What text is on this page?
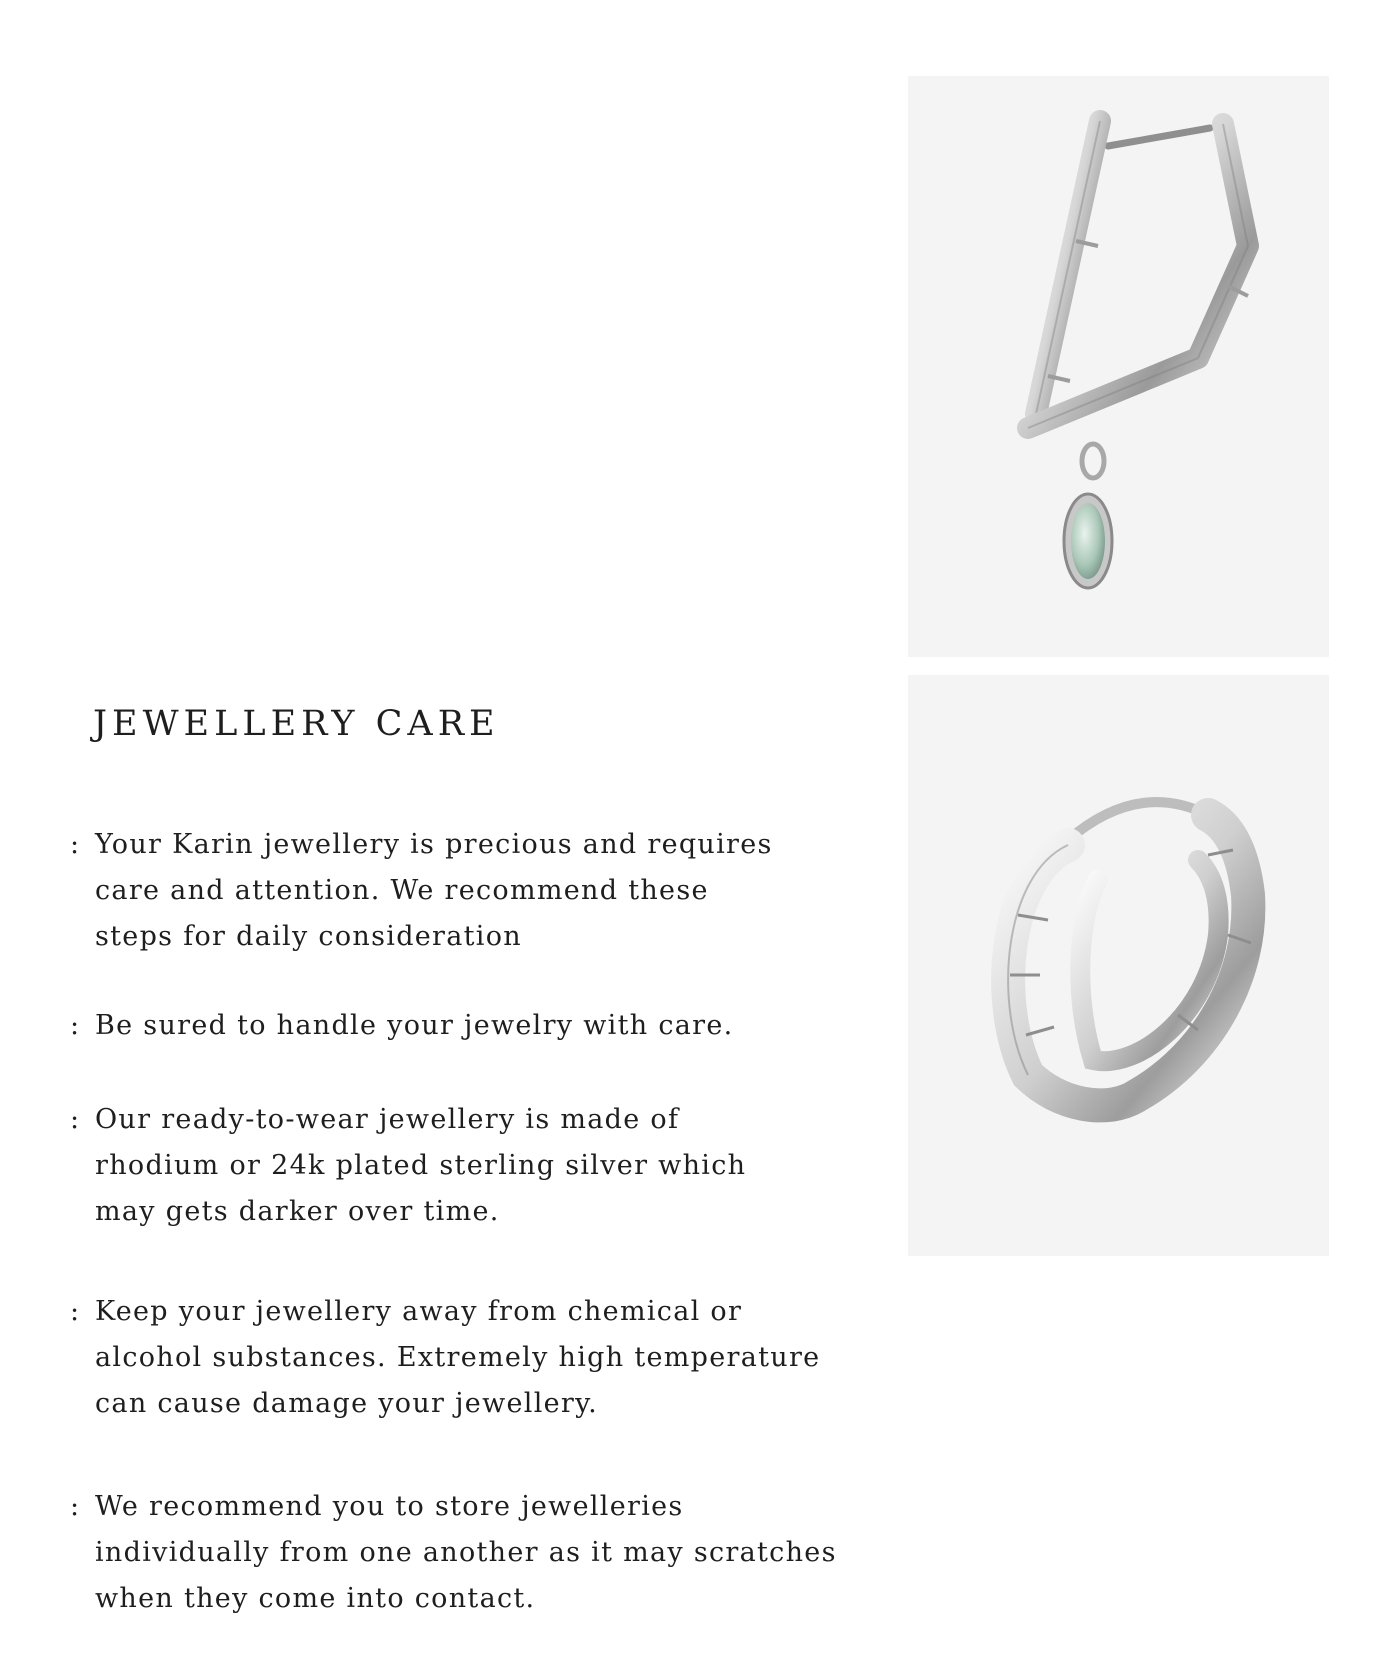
JEWELLERY CARE
: Your Karin jewellery is precious and requires
care and attention. We recommend these
steps for daily consideration
: Be sured to handle your jewelry with care.
: Our ready-to-wear jewellery is made of
rhodium or 24k plated sterling silver which
may gets darker over time.
: Keep your jewellery away from chemical or
alcohol substances. Extremely high temperature
can cause damage your jewellery.
: We recommend you to store jewelleries
individually from one another as it may scratches
when they come into contact.
